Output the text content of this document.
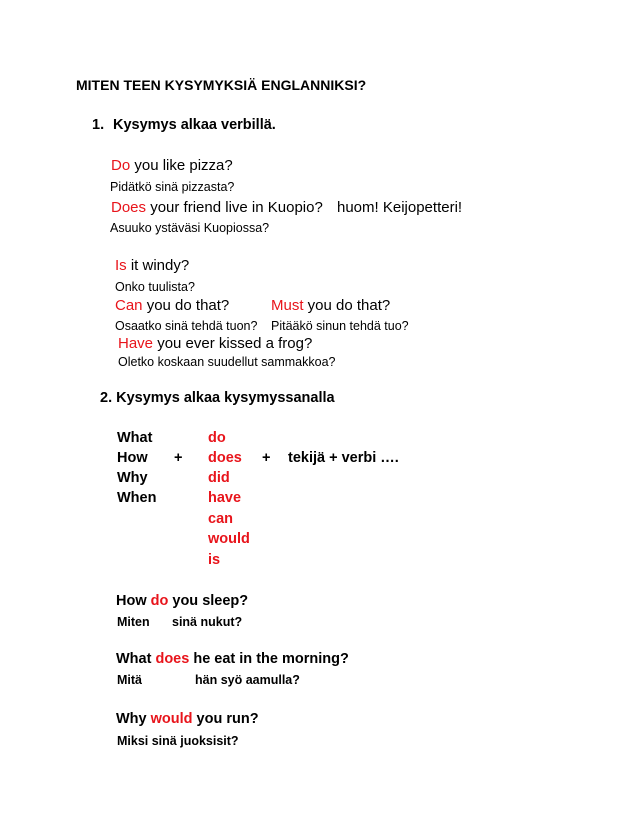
MITEN TEEN KYSYMYKSIÄ ENGLANNIKSI?
1. Kysymys alkaa verbillä.
Do you like pizza?
Pidätkö sinä pizzasta?
Does your friend live in Kuopio? huom! Keijopetteri!
Asuuko ystäväsi Kuopiossa?
Is it windy?
Onko tuulista?
Can you do that?	Must you do that?
Osaatko sinä tehdä tuon? Pitääkö sinun tehdä tuo?
Have you ever kissed a frog?
Oletko koskaan suudellut sammakkoa?
2. Kysymys alkaa kysymyssanalla
What
How
Why
When
+
do
does
did
have
can
would
is
+ tekijä + verbi ….
How do you sleep?
Miten sinä nukut?
What does he eat in the morning?
Mitä	hän syö aamulla?
Why would you run?
Miksi sinä juoksisit?
